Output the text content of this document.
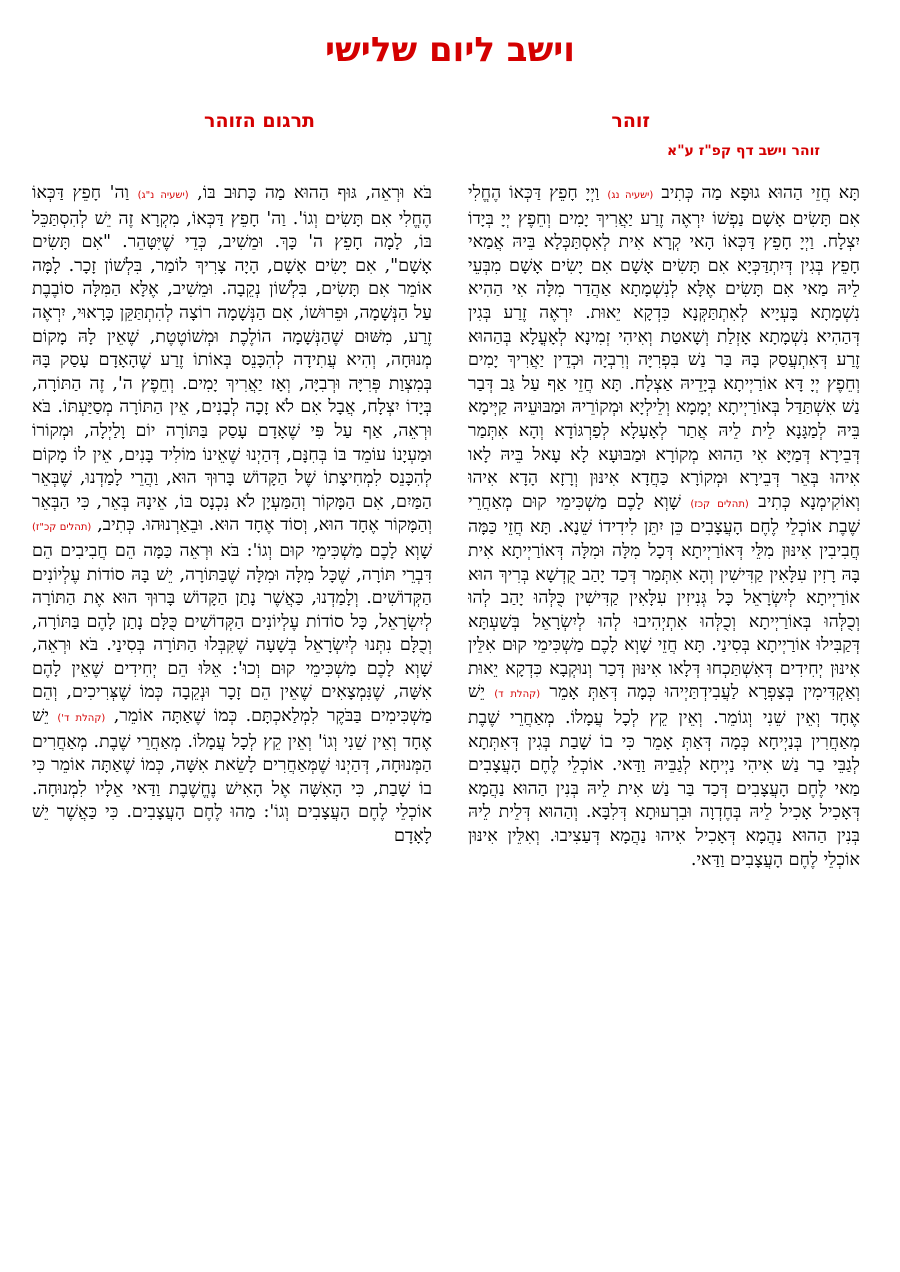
וישב ליום שלישי
זוהר
תרגום הזוהר
זוהר וישב דף קפ"ז ע"א
תָּא חֲזֵי הַהוּא גוּפָא מַה כְּתִיב (ישעיה נג) וַיְיָ חָפֵץ דַּכְּאוֹ הֶחֱלִי אִם תָּשִׂים אָשָׁם נַפְשׁוֹ יִרְאֶה זֶרַע יַאֲרִיךְ יָמִים וְחֵפֶץ יְיָ בְּיָדוֹ יִצְלָח. וַיְיָ חָפֵץ דַּכְּאוֹ הָאי קְרָא אִית לְאִסְתַּכְּלָא בֵּיהּ אֲמַאי חָפֵץ בְּגִין דְּיִתְדַּכְּיָא אִם תָּשִׂים אָשָׁם אִם יָשִׂים אָשָׁם מִבְּעֵי לֵיהּ מַאי אִם תָּשִׂים אֶלָּא לְנִשְׁמָתָא אַהֲדַר מִלָּה אִי הַהִיא נִשְׁמָתָא בָּעְיָיא לְאִתְתַּקְּנָא כִּדְקָא יֵאוּת. יִרְאֶה זֶרַע בְּגִין דְּהַהִיא נִשְׁמָתָא אָזְלַת וְשָׁאטַת וְאִיהִי זְמִינָא לְאָעֳלָא בְּהַהוּא זֶרַע דְּאִתְעֲסַק בָּהּ בַּר נַשׁ בִּפְרִיָּה וְרִבְיָה וּכְדֵין יַאֲרִיךְ יָמִים וְחֵפֶץ יְיָ דָּא אוֹרַיְיתָא בְּיָדֵיהּ אַצְלָח. תָּא חֲזֵי אַף עַל גַּב דְּבַר נַשׁ אִשְׁתַּדַּל בְּאוֹרַיְיתָא יְמָמָא וְלֵילְיָא וּמְקוֹרֵיהּ וּמַבּוּעֵיהּ קַיְּימָא בֵּיהּ לְמַגָּנָא לֵית לֵיהּ אֲתַר לְאָעָלָא לְפַרְגּוֹדָא וְהָא אִתְּמַר דְּבֵירָא דְּמַיָּא אִי הַהוּא מְקוֹרָא וּמַבּוּעָא לָא עָאל בֵּיהּ לָאו אִיהוּ בְּאֵר דְּבֵירָא וּמְקוֹרָא כַּחֲדָא אִינּוּן וְרָזָא הָדָא אִיהוּ וְאוֹקִימְנָא כְּתִיב (תהלים קכז) שָׁוְא לָכֶם מַשְׁכִּימֵי קוּם מְאַחֲרֵי שֶׁבֶת אוֹכְלֵי לֶחֶם הָעֲצָבִים כֵּן יִתֵּן לִידִידוֹ שֵׁנָא. תָּא חֲזֵי כַּמָּה חֲבִיבִין אִינּוּן מִלֵּי דְּאוֹרַיְיתָא דְּכָל מִלָּה וּמִלָּה דְּאוֹרַיְיתָא אִית בָּהּ רָזִין עִלָּאִין קַדִּישִׁין וְהָא אִתְּמַר דְּכַד יָהַב קֻדְשָׁא בְּרִיךְ הוּא אוֹרַיְיתָא לְיִשְׂרָאֵל כָּל גְּנִיזִין עִלָּאִין קַדִּישִׁין כֻּלְּהוּ יָהַב לְהוּ וְכֻלְּהוּ בְּאוֹרַיְיתָא וְכֻלְּהוּ אִתְיְהִיבוּ לְהוּ לְיִשְׂרָאֵל בְּשַׁעְתָּא דְּקַבִּילוּ אוֹרַיְיתָא בְּסִינַי. תָּא חֲזֵי שָׁוְא לָכֶם מַשְׁכִּימֵי קוּם אִלֵּין אִינּוּן יְחִידִים דְּאִשְׁתַּכְחוּ דְּלָאו אִינּוּן דְּכַר וְנוּקְבָא כִּדְקָא יֵאוּת וְאַקְדִּימִין בְּצַפְרָא לַעֲבִידְתַּיְיהוּ כְּמָה דְּאַתְּ אָמֵר (קהלת ד) יֵשׁ אֶחָד וְאֵין שֵׁנִי וְגוֹמֵר. וְאֵין קֵץ לְכָל עֲמָלוֹ. מְאַחֲרֵי שֶׁבֶת מְאַחֲרִין בְּנַיְיחָא כְּמָה דְּאַתְּ אָמֵר כִּי בוֹ שָׁבַת בְּגִין דְּאִתְּתָא לְגַבֵּי בַר נַשׁ אִיהִי נַיְיחָא לְגַבֵּיהּ וַדַּאי. אוֹכְלֵי לֶחֶם הָעֲצָבִים מַאי לֶחֶם הָעֲצָבִים דְּכַד בַּר נַשׁ אִית לֵיהּ בְּנִין הַהוּא נַהֲמָא דְּאָכִיל אָכִיל לֵיהּ בְּחֶדְוָה וּבִרְעוּתָא דְּלִבָּא. וְהַהוּא דְּלֵית לֵיהּ בְּנִין הַהוּא נַהֲמָא דְּאָכִיל אִיהוּ נַהֲמָא דְּעַצִיבוּ. וְאִלֵּין אִינּוּן אוֹכְלֵי לֶחֶם הָעֲצָבִים וַדַּאי.
בֹּא וּרְאֵה, גּוּף הַהוּא מַה כָּתוּב בּוֹ, (ישעיה נ"ג) וַה' חָפֵץ דַּכְּאוֹ הֶחֱלִי אִם תָּשִׂים וְגוֹ'. וַה' חָפֵץ דַּכְּאוֹ, מִקְרָא זֶה יֵשׁ לְהִסְתַּכֵּל בּוֹ, לָמָה חָפֵץ ה' כָּךְ. וּמֵשִׁיב, כְּדֵי שֶׁיִּטָּהֵר. "אִם תָּשִׂים אָשָׁם", אִם יָשִׂים אָשָׁם, הָיָה צָרִיךְ לוֹמַר, בִּלְשׁוֹן זָכָר. לָמָּה אוֹמֵר אִם תָּשִׂים, בִּלְשׁוֹן נְקֵבָה. וּמֵשִׁיב, אֶלָּא הַמִּלָּה סוֹבֶבֶת עַל הַנְּשָׁמָה, וּפֵרוּשׁוֹ, אִם הַנְּשָׁמָה רוֹצָה לְהִתְתַּקֵּן כָּרָאוּי, יִרְאֶה זֶרַע, מִשּׁוּם שֶׁהַנְּשָׁמָה הוֹלֶכֶת וּמְשׁוֹטֶטֶת, שֶׁאֵין לָהּ מָקוֹם מְנוּחָה, וְהִיא עֲתִידָה לְהִכָּנֵס בְּאוֹתוֹ זֶרַע שֶׁהָאָדָם עָסַק בָּהּ בְּמִצְוַת פְּרִיָּה וּרְבִיָּה, וְאָז יַאֲרִיךְ יָמִים. וְחֵפֶץ ה', זֶה הַתּוֹרָה, בְּיָדוֹ יִצְלָח, אֲבָל אִם לֹא זָכָה לְבָנִים, אֵין הַתּוֹרָה מְסַיַּעְתּוֹ. בֹּא וּרְאֵה, אַף עַל פִּי שֶׁאָדָם עָסַק בַּתּוֹרָה יוֹם וָלַיְלָה, וּמְקוֹרוֹ וּמַעְיָנוֹ עוֹמֵד בּוֹ בְּחִנָּם, דְּהַיְנוּ שֶׁאֵינוֹ מוֹלִיד בָּנִים, אֵין לוֹ מָקוֹם לְהִכָּנֵס לִמְחִיצָתוֹ שֶׁל הַקָּדוֹשׁ בָּרוּךְ הוּא, וַהֲרֵי לָמַדְנוּ, שֶׁבְּאֵר הַמַּיִם, אִם הַמָּקוֹר וְהַמַּעְיָן לֹא נִכְנָס בּוֹ, אֵינָהּ בְּאֵר, כִּי הַבְּאֵר וְהַמָּקוֹר אֶחָד הוּא, וְסוֹד אֶחָד הוּא. וּבֵאַרְנוּהוּ. כְּתִיב, (תהלים קכ"ז) שָׁוְא לָכֶם מַשְׁכִּימֵי קוּם וְגוֹ': בֹּא וּרְאֵה כַּמָּה הֵם חֲבִיבִים הֵם דִּבְרֵי תּוֹרָה, שֶׁכָּל מִלָּה וּמִלָּה שֶׁבַּתּוֹרָה, יֵשׁ בָּהּ סוֹדוֹת עֶלְיוֹנִים הַקְּדוֹשִׁים. וְלָמַדְנוּ, כַּאֲשֶׁר נָתַן הַקָּדוֹשׁ בָּרוּךְ הוּא אֶת הַתּוֹרָה לְיִשְׂרָאֵל, כָּל סוֹדוֹת עֶלְיוֹנִים הַקְּדוֹשִׁים כֻּלָּם נָתַן לָהֶם בַּתּוֹרָה, וְכֻלָּם נִתְּנוּ לְיִשְׂרָאֵל בְּשָׁעָה שֶׁקִּבְּלוּ הַתּוֹרָה בְּסִינַי. בֹּא וּרְאֵה, שָׁוְא לָכֶם מַשְׁכִּימֵי קוּם וְכוּ': אֵלּוּ הֵם יְחִידִים שֶׁאֵין לָהֶם אִשָּׁה, שֶׁנִּמְצָאִים שֶׁאֵין הֵם זָכָר וּנְקֵבָה כְּמוֹ שֶׁצְּרִיכִים, וְהֵם מַשְׁכִּימִים בַּבֹּקֶר לִמְלַאכְתָּם. כְּמוֹ שֶׁאַתָּה אוֹמֵר, (קהלת ד') יֵשׁ אֶחָד וְאֵין שֵׁנִי וְגוֹ' וְאֵין קֵץ לְכָל עֲמָלוֹ. מְאַחֲרֵי שֶׁבֶת. מְאַחֲרִים הַמְּנוּחָה, דְּהַיְנוּ שֶׁמְּאַחֲרִים לָשֵׂאת אִשָּׁה, כְּמוֹ שֶׁאַתָּה אוֹמֵר כִּי בוֹ שָׁבַת, כִּי הָאִשָּׁה אֶל הָאִישׁ נֶחֱשֶׁבֶת וַדַּאי אֵלָיו לִמְנוּחָה. אוֹכְלֵי לֶחֶם הָעֲצָבִים וְגוֹ': מַהוּ לֶחֶם הָעֲצָבִים. כִּי כַּאֲשֶׁר יֵשׁ לָאָדָם
